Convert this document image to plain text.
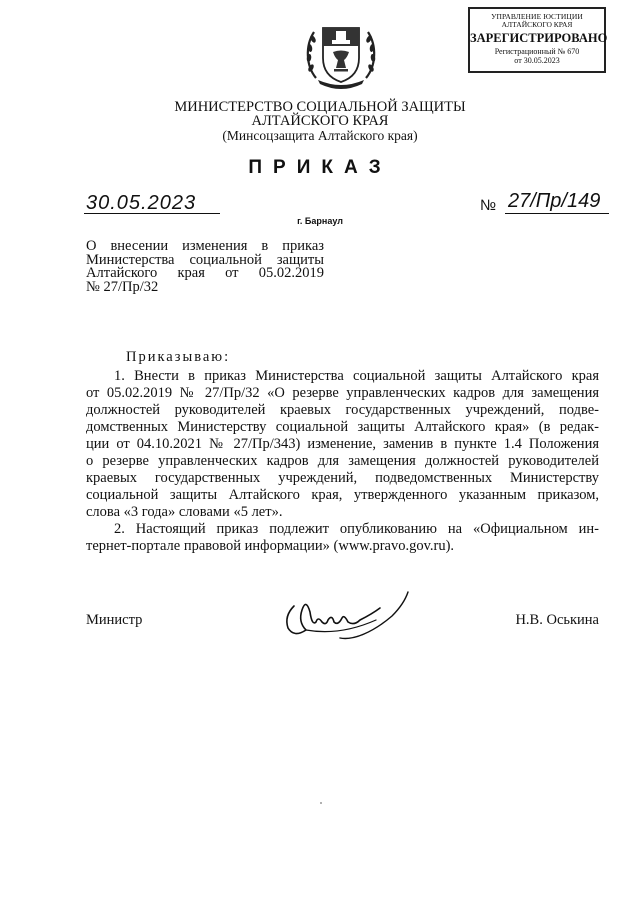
УПРАВЛЕНИЕ ЮСТИЦИИ
АЛТАЙСКОГО КРАЯ
ЗАРЕГИСТРИРОВАНО
Регистрационный № 670
от 30.05.2023
МИНИСТЕРСТВО СОЦИАЛЬНОЙ ЗАЩИТЫ
АЛТАЙСКОГО КРАЯ
(Минсоцзащита Алтайского края)
ПРИКАЗ
30.05.2023
г. Барнаул
№ 27/Пр/149
О внесении изменения в приказ
Министерства социальной защиты
Алтайского края от 05.02.2019
№ 27/Пр/32
Приказываю:
1. Внести в приказ Министерства социальной защиты Алтайского края
от 05.02.2019 № 27/Пр/32 «О резерве управленческих кадров для замещения
должностей руководителей краевых государственных учреждений, подве-
домственных Министерству социальной защиты Алтайского края» (в редак-
ции от 04.10.2021 № 27/Пр/343) изменение, заменив в пункте 1.4 Положения
о резерве управленческих кадров для замещения должностей руководителей
краевых государственных учреждений, подведомственных Министерству
социальной защиты Алтайского края, утвержденного указанным приказом,
слова «3 года» словами «5 лет».
2. Настоящий приказ подлежит опубликованию на «Официальном ин-
тернет-портале правовой информации» (www.pravo.gov.ru).
Министр	Н.В. Оськина
